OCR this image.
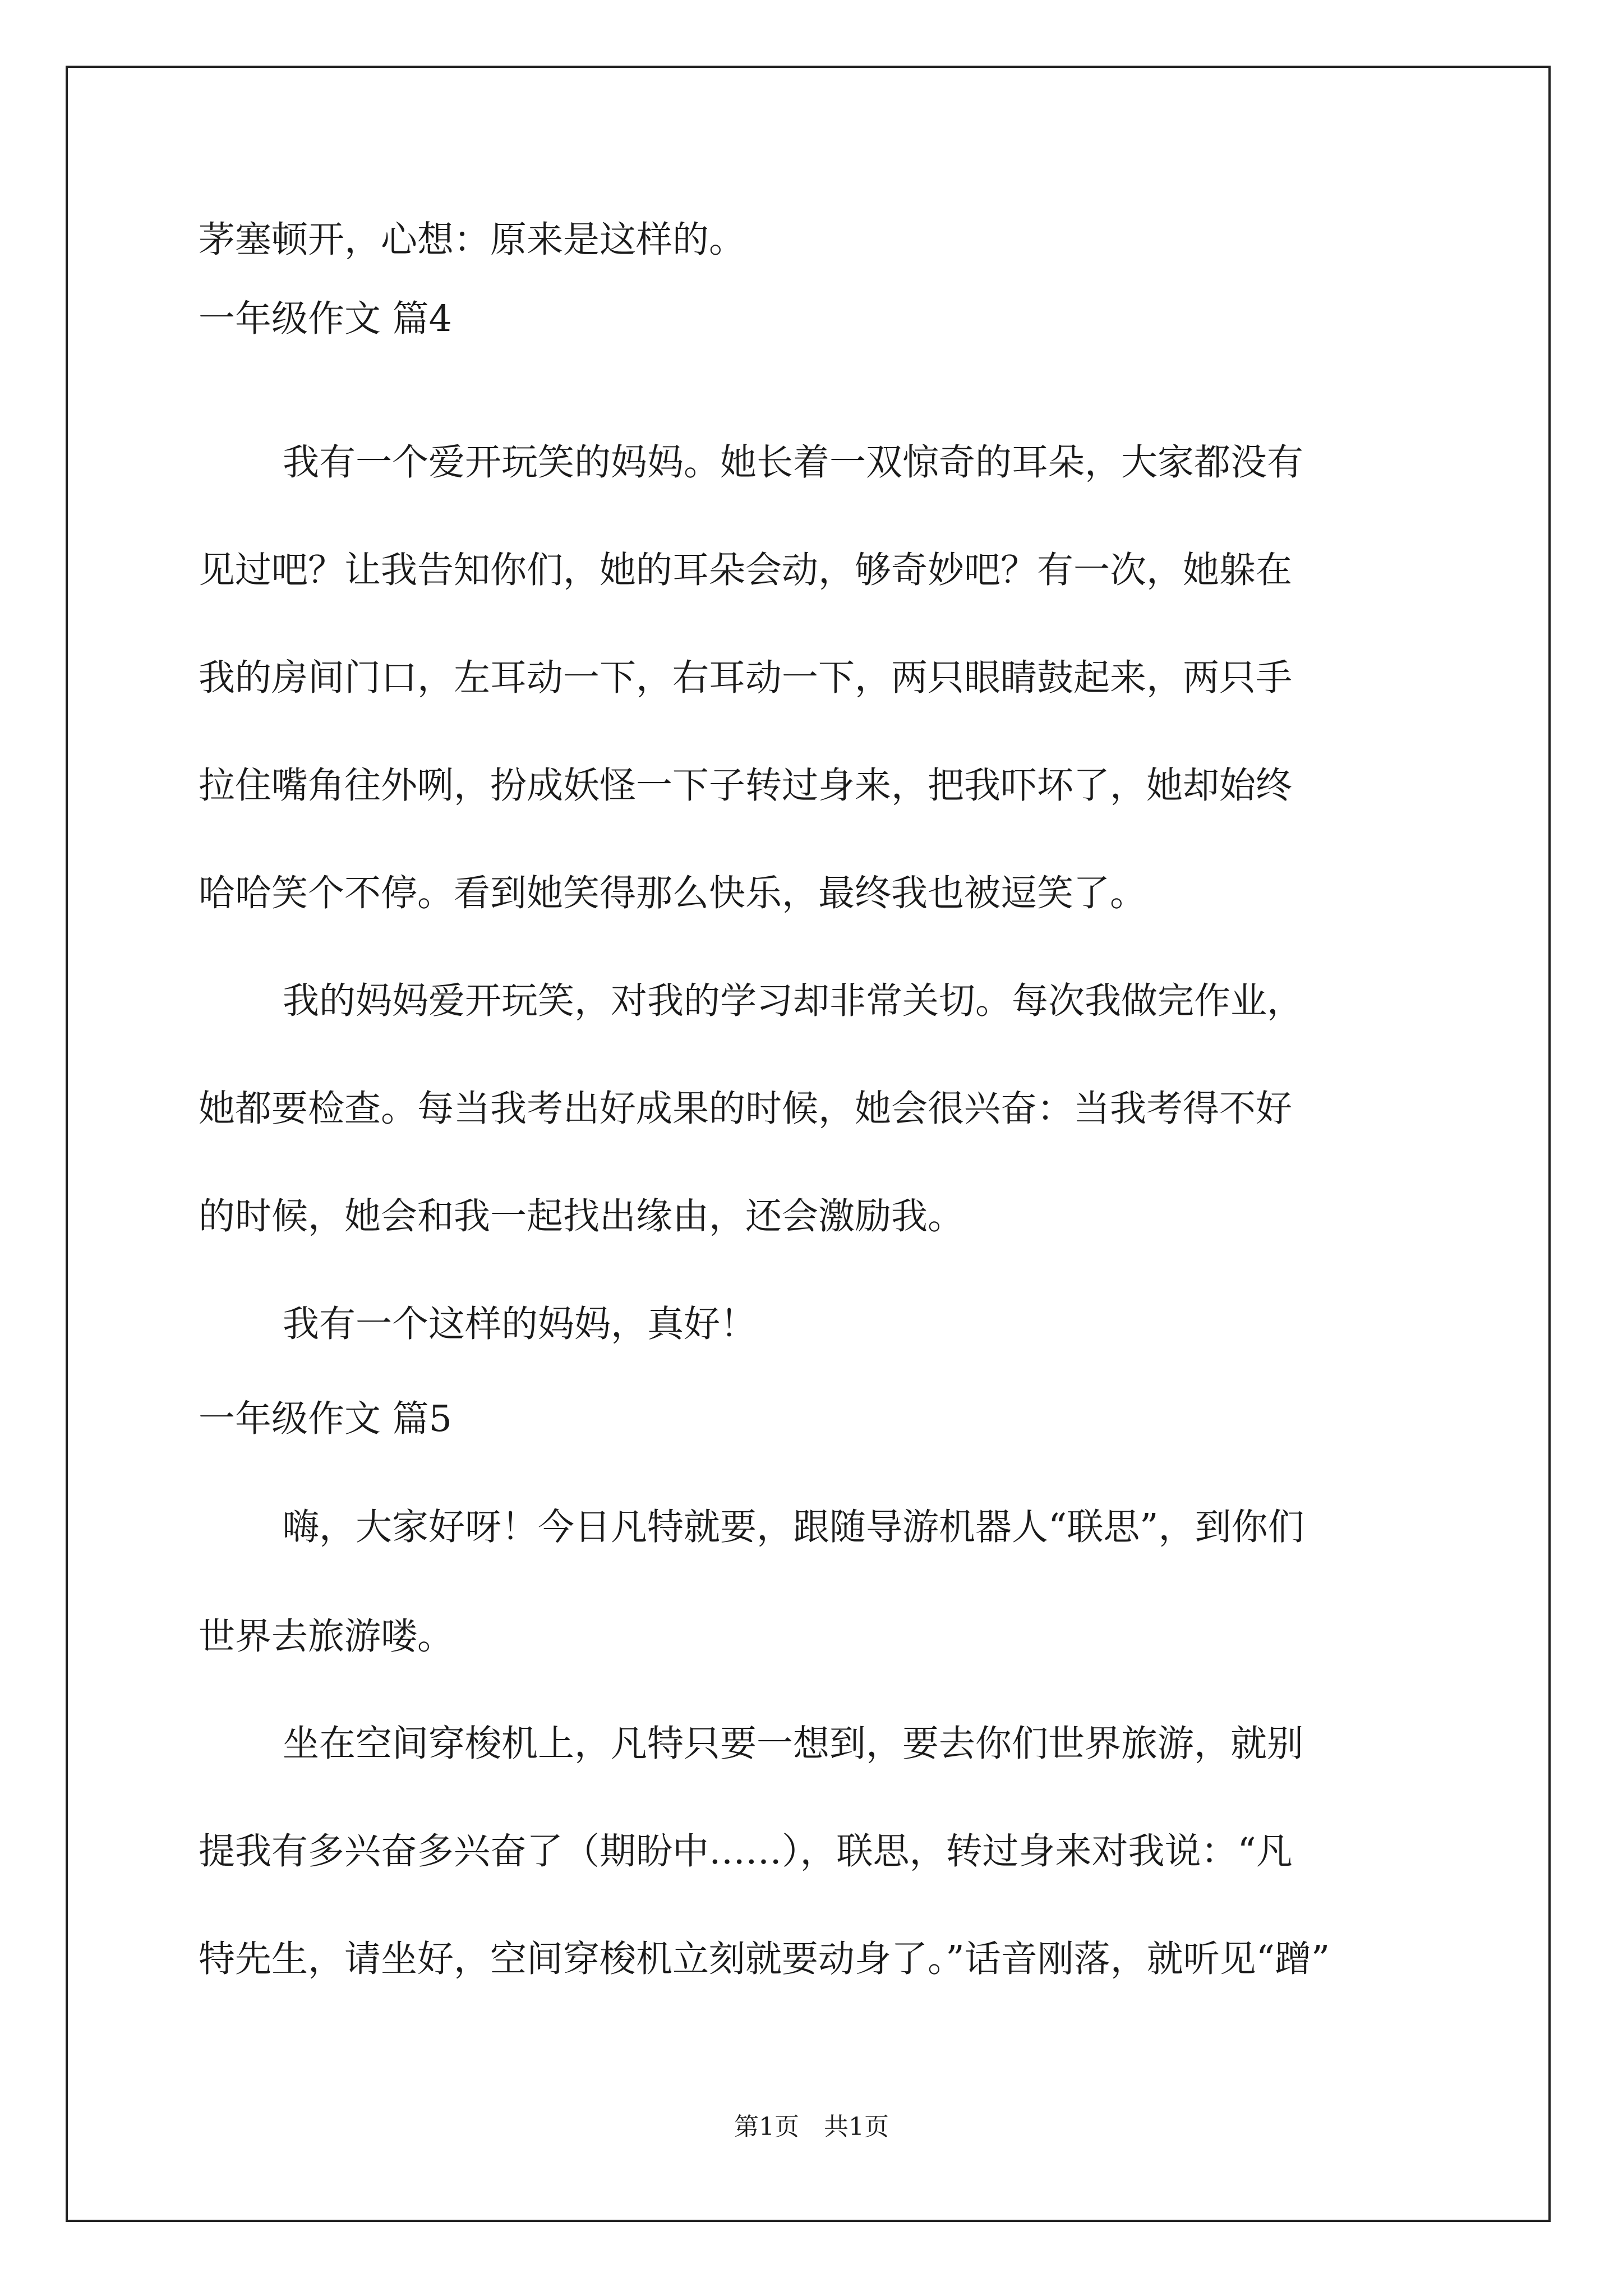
茅塞顿开，心想：原来是这样的。
一年级作文 篇4
我有一个爱开玩笑的妈妈。她长着一双惊奇的耳朵，大家都没有
见过吧？让我告知你们，她的耳朵会动，够奇妙吧？有一次，她躲在
我的房间门口，左耳动一下，右耳动一下，两只眼睛鼓起来，两只手
拉住嘴角往外咧，扮成妖怪一下子转过身来，把我吓坏了，她却始终
哈哈笑个不停。看到她笑得那么快乐，最终我也被逗笑了。
我的妈妈爱开玩笑，对我的学习却非常关切。每次我做完作业，
她都要检查。每当我考出好成果的时候，她会很兴奋：当我考得不好
的时候，她会和我一起找出缘由，还会激励我。
我有一个这样的妈妈，真好！
一年级作文 篇5
嗨，大家好呀！今日凡特就要，跟随导游机器人“联思”，到你们
世界去旅游喽。
坐在空间穿梭机上，凡特只要一想到，要去你们世界旅游，就别
提我有多兴奋多兴奋了（期盼中……），联思，转过身来对我说：“凡
特先生，请坐好，空间穿梭机立刻就要动身了。”话音刚落，就听见“蹭”
第1页　共1页
